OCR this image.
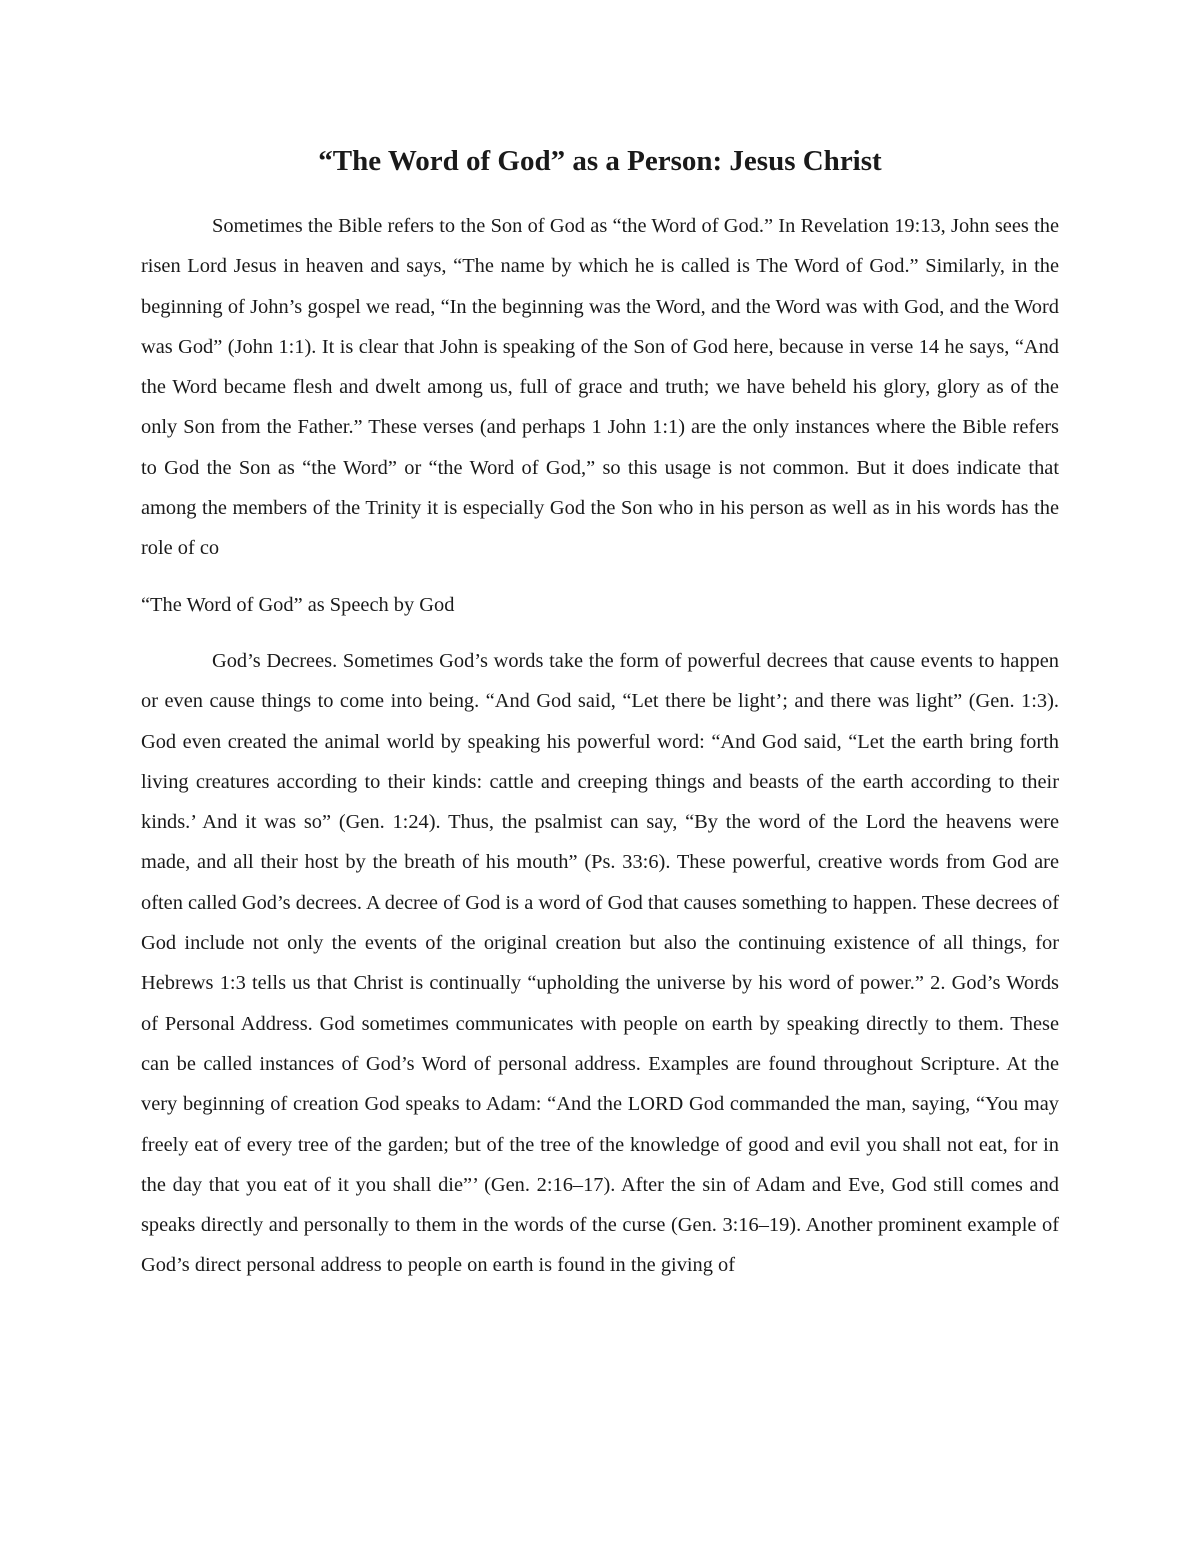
“The Word of God” as a Person: Jesus Christ

Sometimes the Bible refers to the Son of God as “the Word of God.” In Revelation 19:13, John sees the risen Lord Jesus in heaven and says, “The name by which he is called is The Word of God.” Similarly, in the beginning of John’s gospel we read, “In the beginning was the Word, and the Word was with God, and the Word was God” (John 1:1). It is clear that John is speaking of the Son of God here, because in verse 14 he says, “And the Word became flesh and dwelt among us, full of grace and truth; we have beheld his glory, glory as of the only Son from the Father.” These verses (and perhaps 1 John 1:1) are the only instances where the Bible refers to God the Son as “the Word” or “the Word of God,” so this usage is not common. But it does indicate that among the members of the Trinity it is especially God the Son who in his person as well as in his words has the role of co

“The Word of God” as Speech by God

God’s Decrees. Sometimes God’s words take the form of powerful decrees that cause events to happen or even cause things to come into being. “And God said, “Let there be light’; and there was light” (Gen. 1:3). God even created the animal world by speaking his powerful word: “And God said, “Let the earth bring forth living creatures according to their kinds: cattle and creeping things and beasts of the earth according to their kinds.’ And it was so” (Gen. 1:24). Thus, the psalmist can say, “By the word of the Lord the heavens were made, and all their host by the breath of his mouth” (Ps. 33:6). These powerful, creative words from God are often called God’s decrees. A decree of God is a word of God that causes something to happen. These decrees of God include not only the events of the original creation but also the continuing existence of all things, for Hebrews 1:3 tells us that Christ is continually “upholding the universe by his word of power.” 2. God’s Words of Personal Address. God sometimes communicates with people on earth by speaking directly to them. These can be called instances of God’s Word of personal address. Examples are found throughout Scripture. At the very beginning of creation God speaks to Adam: “And the LORD God commanded the man, saying, “You may freely eat of every tree of the garden; but of the tree of the knowledge of good and evil you shall not eat, for in the day that you eat of it you shall die”’ (Gen. 2:16–17). After the sin of Adam and Eve, God still comes and speaks directly and personally to them in the words of the curse (Gen. 3:16–19). Another prominent example of God’s direct personal address to people on earth is found in the giving of
